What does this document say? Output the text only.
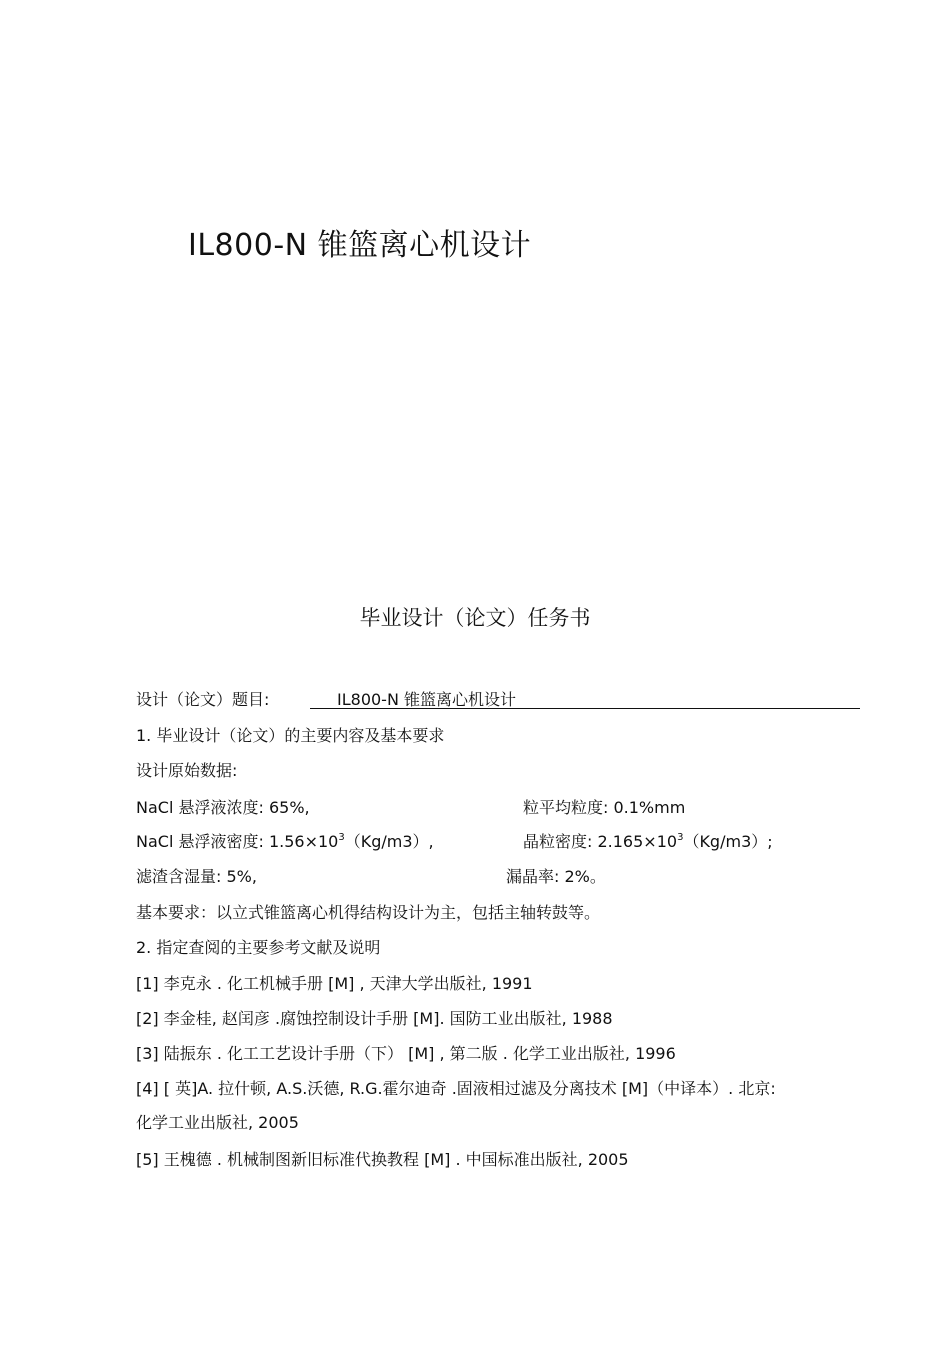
IL800-N 锥篮离心机设计
毕业设计（论文）任务书
设计（论文）题目:	IL800-N 锥篮离心机设计
1. 毕业设计（论文）的主要内容及基本要求
设计原始数据:
NaCl 悬浮液浓度: 65%,	粒平均粒度: 0.1%mm
NaCl 悬浮液密度: $1.56\times 10^3(Kg/m3)$,	晶粒密度: $2.165\times 10^3(Kg/m3)$;
滤渣含湿量: 5%,	漏晶率: 2%。
基本要求：以立式锥篮离心机得结构设计为主，包括主轴转鼓等。
2. 指定查阅的主要参考文献及说明
[1] 李克永 . 化工机械手册 [M] , 天津大学出版社, 1991
[2] 李金桂, 赵闰彦 .腐蚀控制设计手册 [M]. 国防工业出版社, 1988
[3] 陆振东 . 化工工艺设计手册（下） [M] , 第二版 . 化学工业出版社, 1996
[4] [ 英]A. 拉什顿, A.S.沃德, R.G.霍尔迪奇 .固液相过滤及分离技术 [M]（中译本）. 北京:
化学工业出版社, 2005
[5] 王槐德 . 机械制图新旧标准代换教程 [M] . 中国标准出版社, 2005
